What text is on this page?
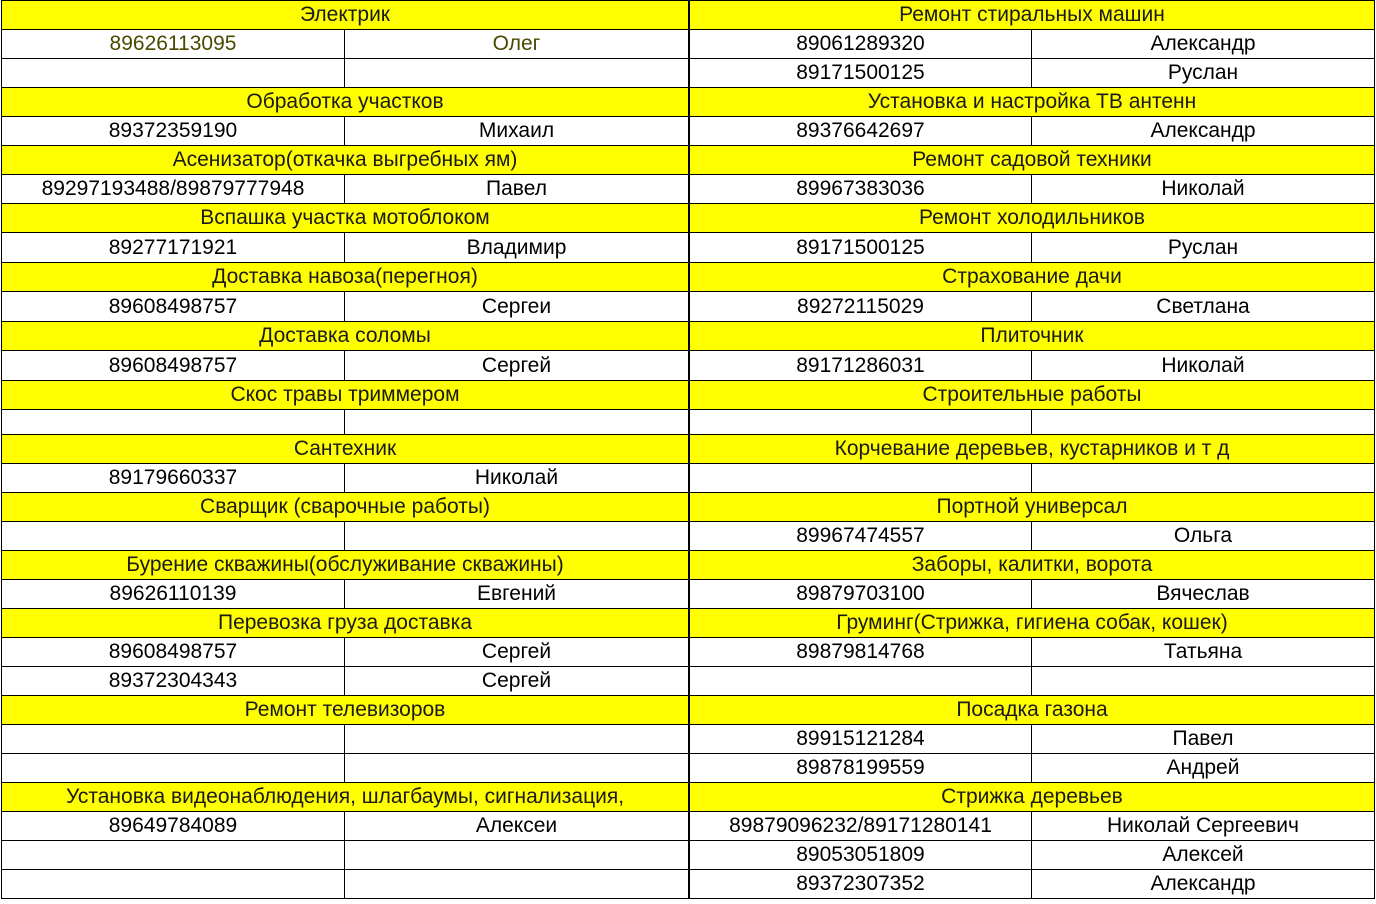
Электрик
89626113095	Олег
Обработка участков
89372359190	Михаил
Асенизатор(откачка выгребных ям)
89297193488/89879777948	Павел
Вспашка участка мотоблоком
89277171921	Владимир
Доставка навоза(перегноя)
89608498757	Сергеи
Доставка соломы
89608498757	Сергей
Скос травы триммером
Сантехник
89179660337	Николай
Сварщик (сварочные работы)
Бурение скважины(обслуживание скважины)
89626110139	Евгений
Перевозка груза доставка
89608498757	Сергей
89372304343	Сергей
Ремонт телевизоров
Установка видеонаблюдения, шлагбаумы, сигнализация,
89649784089	Алексеи
Ремонт стиральных машин
89061289320	Александр
89171500125	Руслан
Установка и настройка ТВ антенн
89376642697	Александр
Ремонт садовой техники
89967383036	Николай
Ремонт холодильников
89171500125	Руслан
Страхование дачи
89272115029	Светлана
Плиточник
89171286031	Николай
Строительные работы
Корчевание деревьев, кустарников и т д
Портной универсал
89967474557	Ольга
Заборы, калитки, ворота
89879703100	Вячеслав
Груминг(Стрижка, гигиена собак, кошек)
89879814768	Татьяна
Посадка газона
89915121284	Павел
89878199559	Андрей
Стрижка деревьев
89879096232/89171280141	Николай Сергеевич
89053051809	Алексей
89372307352	Александр
